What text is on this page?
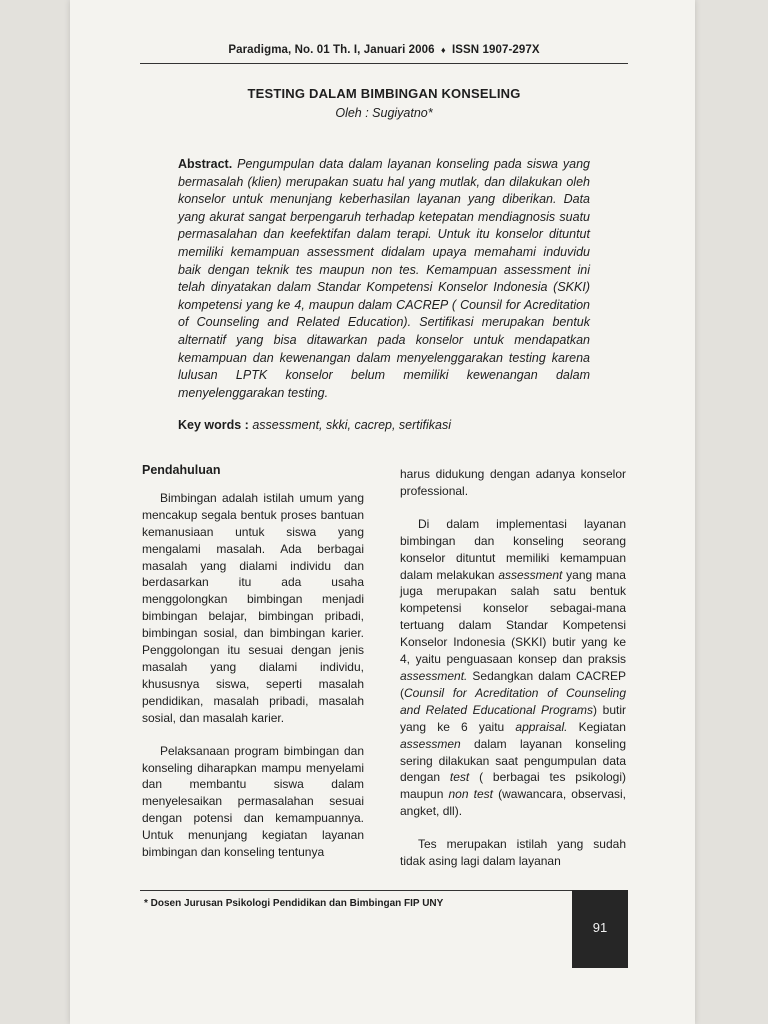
Paradigma, No. 01 Th. I, Januari 2006 ♦ ISSN 1907-297X
TESTING DALAM BIMBINGAN KONSELING
Oleh : Sugiyatno*
Abstract. Pengumpulan data dalam layanan konseling pada siswa yang bermasalah (klien) merupakan suatu hal yang mutlak, dan dilakukan oleh konselor untuk menunjang keberhasilan layanan yang diberikan. Data yang akurat sangat berpengaruh terhadap ketepatan mendiagnosis suatu permasalahan dan keefektifan dalam terapi. Untuk itu konselor dituntut memiliki kemampuan assessment didalam upaya memahami induvidu baik dengan teknik tes maupun non tes. Kemampuan assessment ini telah dinyatakan dalam Standar Kompetensi Konselor Indonesia (SKKI) kompetensi yang ke 4, maupun dalam CACREP ( Counsil for Acreditation of Counseling and Related Education). Sertifikasi merupakan bentuk alternatif yang bisa ditawarkan pada konselor untuk mendapatkan kemampuan dan kewenangan dalam menyelenggarakan testing karena lulusan LPTK konselor belum memiliki kewenangan dalam menyelenggarakan testing.
Key words : assessment, skki, cacrep, sertifikasi
Pendahuluan

Bimbingan adalah istilah umum yang mencakup segala bentuk proses bantuan kemanusiaan untuk siswa yang mengalami masalah. Ada berbagai masalah yang dialami individu dan berdasarkan itu ada usaha menggolongkan bimbingan menjadi bimbingan belajar, bimbingan pribadi, bimbingan sosial, dan bimbingan karier. Penggolongan itu sesuai dengan jenis masalah yang dialami individu, khususnya siswa, seperti masalah pendidikan, masalah pribadi, masalah sosial, dan masalah karier.

Pelaksanaan program bimbingan dan konseling diharapkan mampu menyelami dan membantu siswa dalam menyelesaikan permasalahan sesuai dengan potensi dan kemampuannya. Untuk menunjang kegiatan layanan bimbingan dan konseling tentunya

harus didukung dengan adanya konselor professional.

Di dalam implementasi layanan bimbingan dan konseling seorang konselor dituntut memiliki kemampuan dalam melakukan assessment yang mana juga merupakan salah satu bentuk kompetensi konselor sebagai-mana tertuang dalam Standar Kompetensi Konselor Indonesia (SKKI) butir yang ke 4, yaitu penguasaan konsep dan praksis assessment. Sedangkan dalam CACREP (Counsil for Acreditation of Counseling and Related Educational Programs) butir yang ke 6 yaitu appraisal. Kegiatan assessmen dalam layanan konseling sering dilakukan saat pengumpulan data dengan test ( berbagai tes psikologi) maupun non test (wawancara, observasi, angket, dll).

Tes merupakan istilah yang sudah tidak asing lagi dalam layanan

* Dosen Jurusan Psikologi Pendidikan dan Bimbingan FIP UNY
91
